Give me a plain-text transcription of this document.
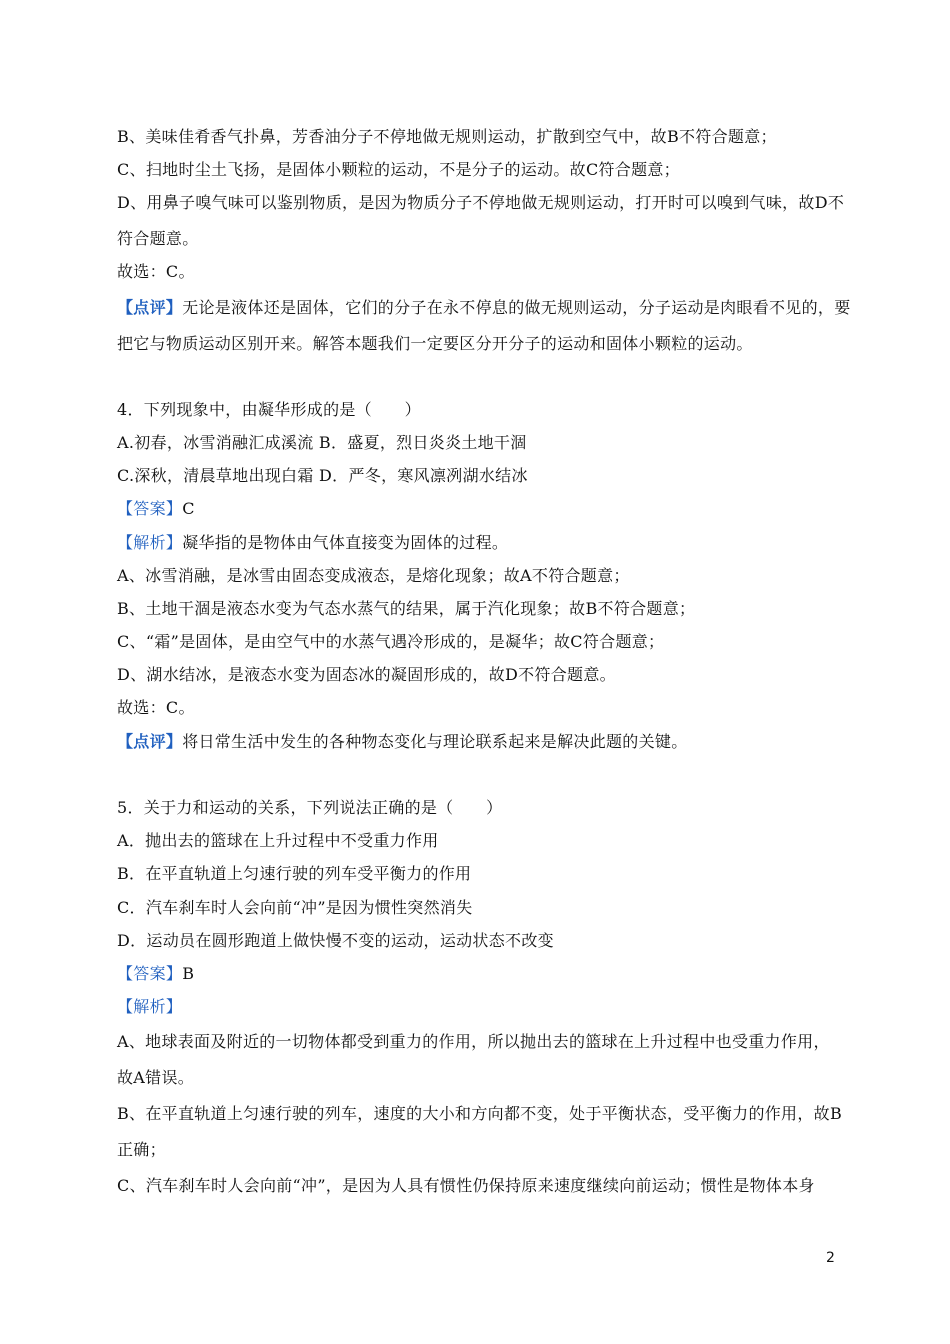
B、美味佳肴香气扑鼻，芳香油分子不停地做无规则运动，扩散到空气中，故B不符合题意；
C、扫地时尘土飞扬，是固体小颗粒的运动，不是分子的运动。故C符合题意；
D、用鼻子嗅气味可以鉴别物质，是因为物质分子不停地做无规则运动，打开时可以嗅到气味，故D不
符合题意。
故选：C。
【点评】无论是液体还是固体，它们的分子在永不停息的做无规则运动，分子运动是肉眼看不见的，要
把它与物质运动区别开来。解答本题我们一定要区分开分子的运动和固体小颗粒的运动。
4．下列现象中，由凝华形成的是（　　）
A.初春，冰雪消融汇成溪流 B．盛夏，烈日炎炎土地干涸
C.深秋，清晨草地出现白霜 D．严冬，寒风凛冽湖水结冰
【答案】C
【解析】凝华指的是物体由气体直接变为固体的过程。
A、冰雪消融，是冰雪由固态变成液态，是熔化现象；故A不符合题意；
B、土地干涸是液态水变为气态水蒸气的结果，属于汽化现象；故B不符合题意；
C、“霜”是固体，是由空气中的水蒸气遇冷形成的，是凝华；故C符合题意；
D、湖水结冰，是液态水变为固态冰的凝固形成的，故D不符合题意。
故选：C。
【点评】将日常生活中发生的各种物态变化与理论联系起来是解决此题的关键。
5．关于力和运动的关系，下列说法正确的是（　　）
A．抛出去的篮球在上升过程中不受重力作用
B．在平直轨道上匀速行驶的列车受平衡力的作用
C．汽车刹车时人会向前“冲”是因为惯性突然消失
D．运动员在圆形跑道上做快慢不变的运动，运动状态不改变
【答案】B
【解析】
A、地球表面及附近的一切物体都受到重力的作用，所以抛出去的篮球在上升过程中也受重力作用，
故A错误。
B、在平直轨道上匀速行驶的列车，速度的大小和方向都不变，处于平衡状态，受平衡力的作用，故B
正确；
C、汽车刹车时人会向前“冲”，是因为人具有惯性仍保持原来速度继续向前运动；惯性是物体本身
2
